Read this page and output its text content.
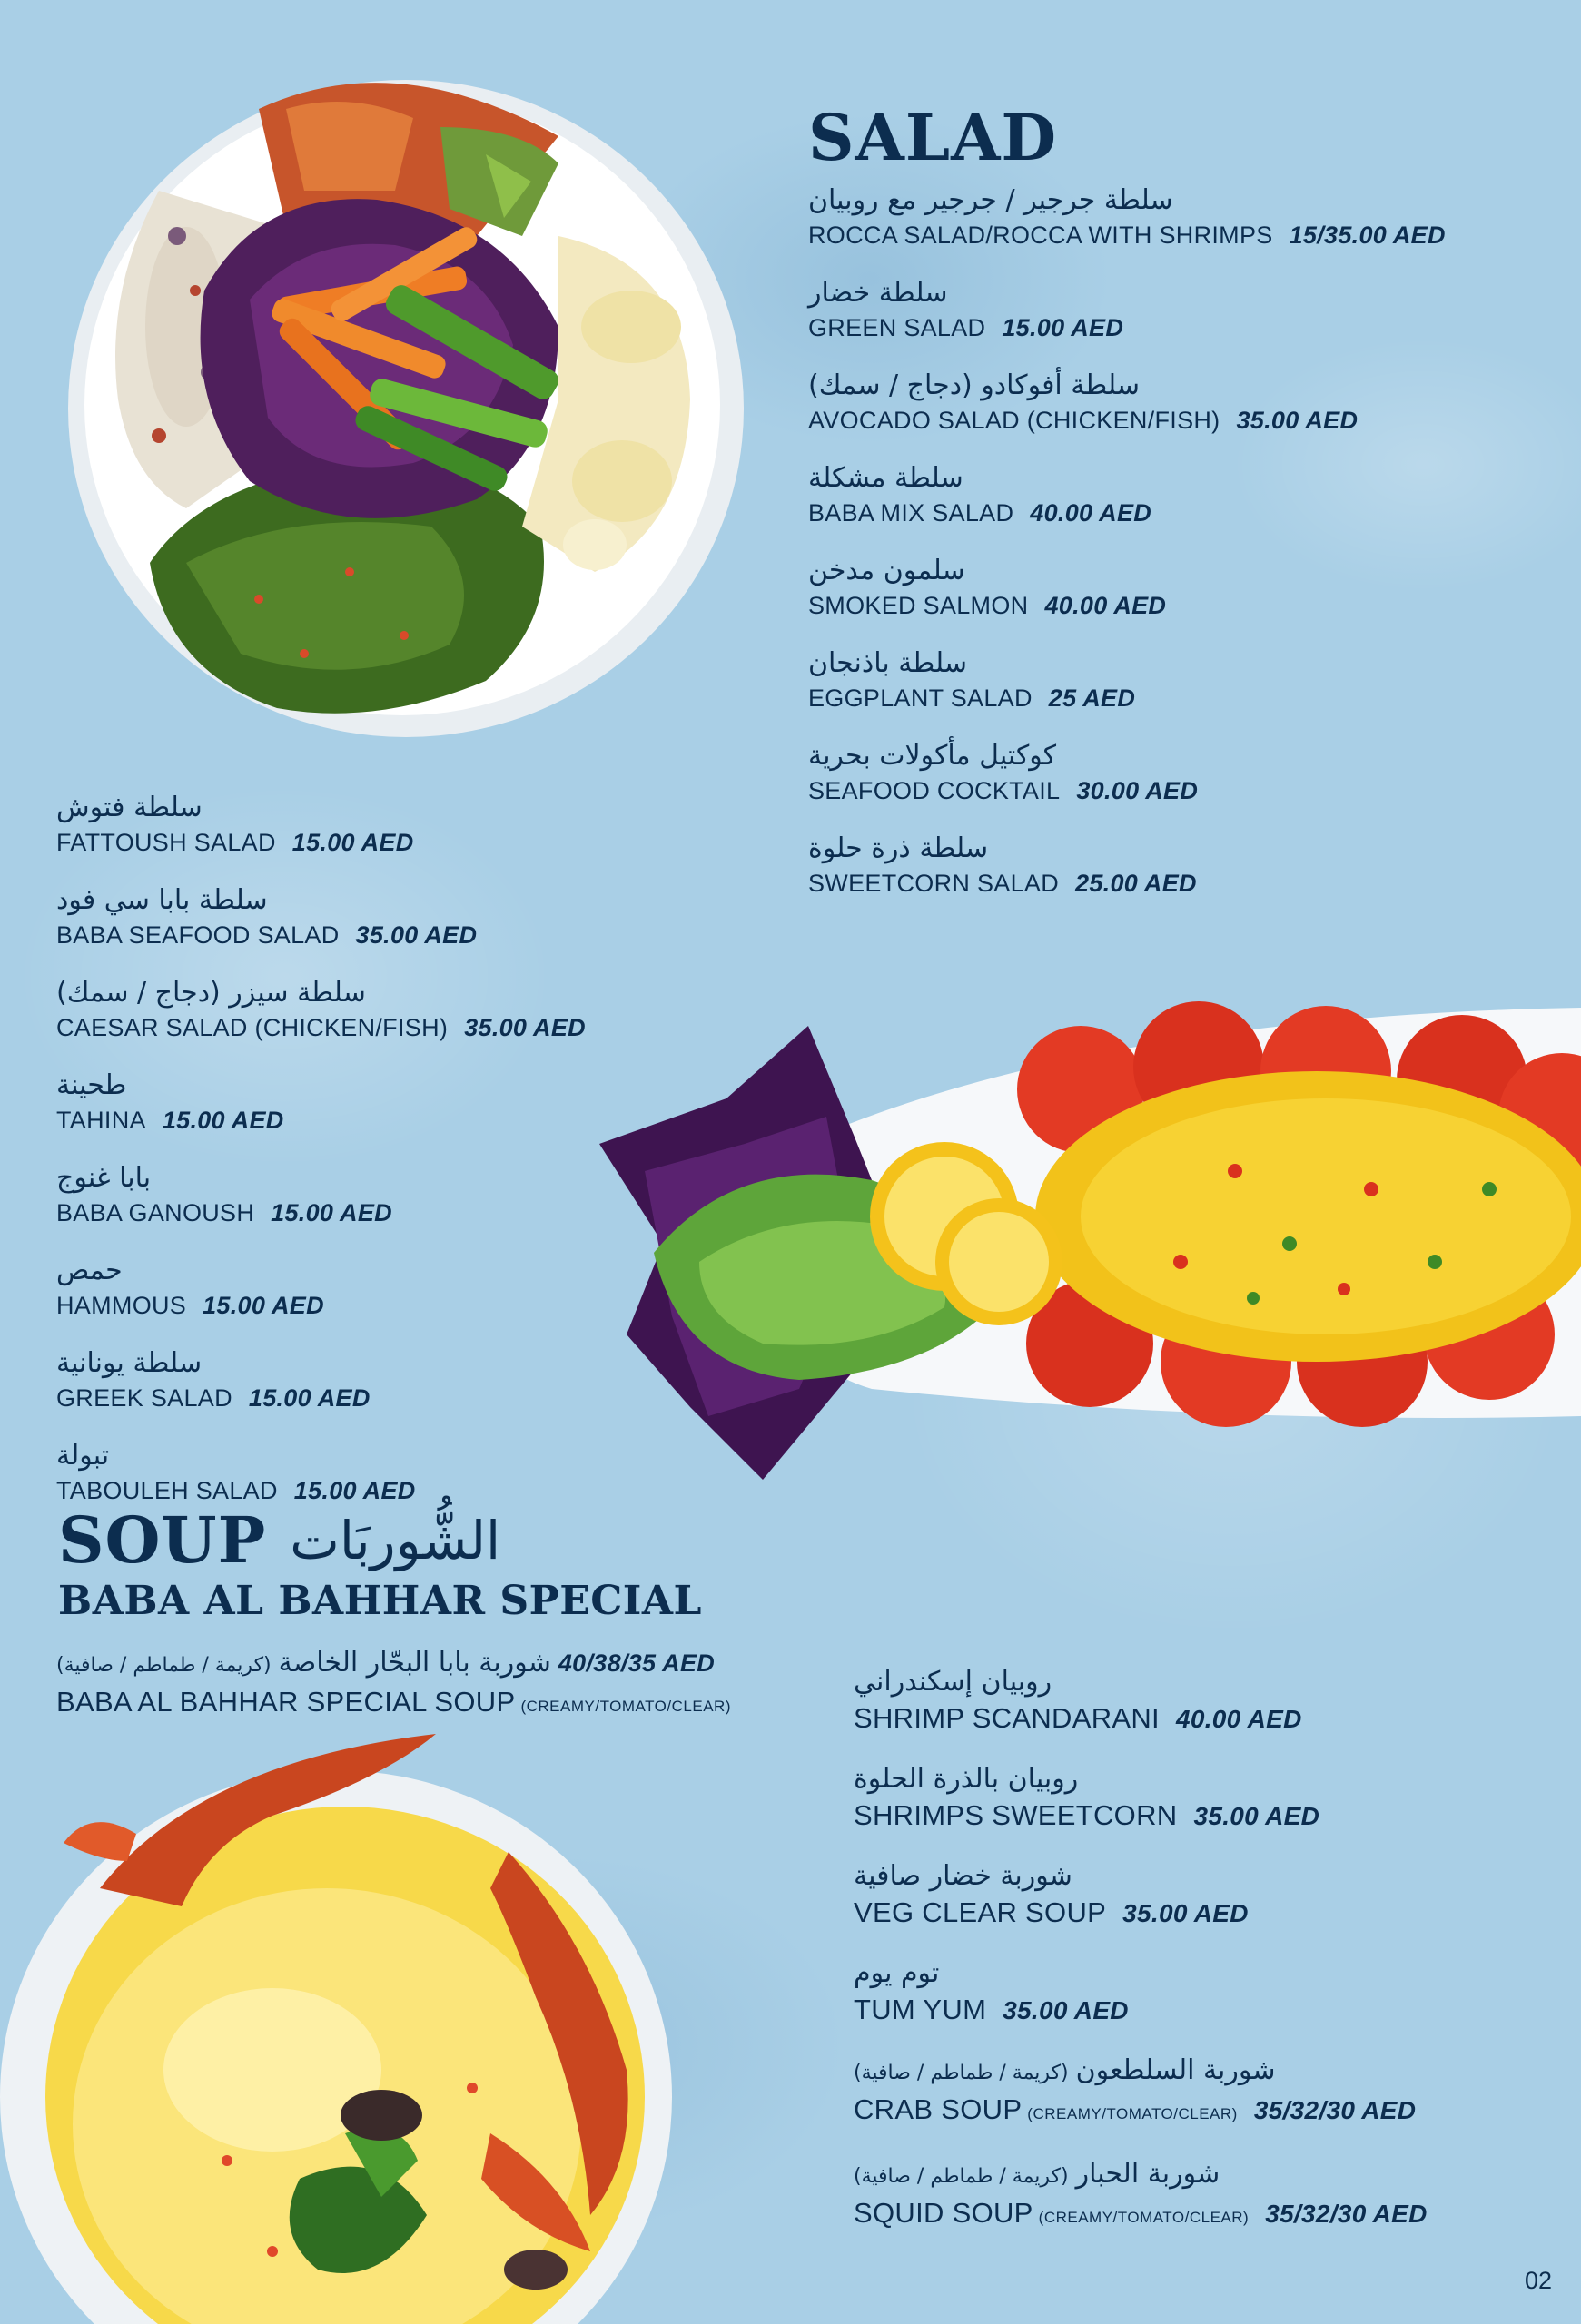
SALAD
سلطة جرجير / جرجير مع روبيان
ROCCA SALAD/ROCCA WITH SHRIMPS 15/35.00 AED
سلطة خضار
GREEN SALAD 15.00 AED
سلطة أفوكادو (دجاج / سمك)
AVOCADO SALAD (CHICKEN/FISH) 35.00 AED
سلطة مشكلة
BABA MIX SALAD 40.00 AED
سلمون مدخن
SMOKED SALMON 40.00 AED
سلطة باذنجان
EGGPLANT SALAD 25 AED
كوكتيل مأكولات بحرية
SEAFOOD COCKTAIL 30.00 AED
سلطة ذرة حلوة
SWEETCORN SALAD 25.00 AED
سلطة فتوش
FATTOUSH SALAD 15.00 AED
سلطة بابا سي فود
BABA SEAFOOD SALAD 35.00 AED
سلطة سيزر (دجاج / سمك)
CAESAR SALAD (CHICKEN/FISH) 35.00 AED
طحينة
TAHINA 15.00 AED
بابا غنوج
BABA GANOUSH 15.00 AED
حمص
HAMMOUS 15.00 AED
سلطة يونانية
GREEK SALAD 15.00 AED
تبولة
TABOULEH SALAD 15.00 AED
SOUP الشُّوربَات
BABA AL BAHHAR SPECIAL
(كريمة / طماطم / صافية) شوربة بابا البحّار الخاصة 40/38/35 AED
BABA AL BAHHAR SPECIAL SOUP (CREAMY/TOMATO/CLEAR)
روبيان إسكندراني
SHRIMP SCANDARANI 40.00 AED
روبيان بالذرة الحلوة
SHRIMPS SWEETCORN 35.00 AED
شوربة خضار صافية
VEG CLEAR SOUP 35.00 AED
توم يوم
TUM YUM 35.00 AED
(كريمة / طماطم / صافية) شوربة السلطعون
CRAB SOUP (CREAMY/TOMATO/CLEAR) 35/32/30 AED
(كريمة / طماطم / صافية) شوربة الحبار
SQUID SOUP (CREAMY/TOMATO/CLEAR) 35/32/30 AED
02
